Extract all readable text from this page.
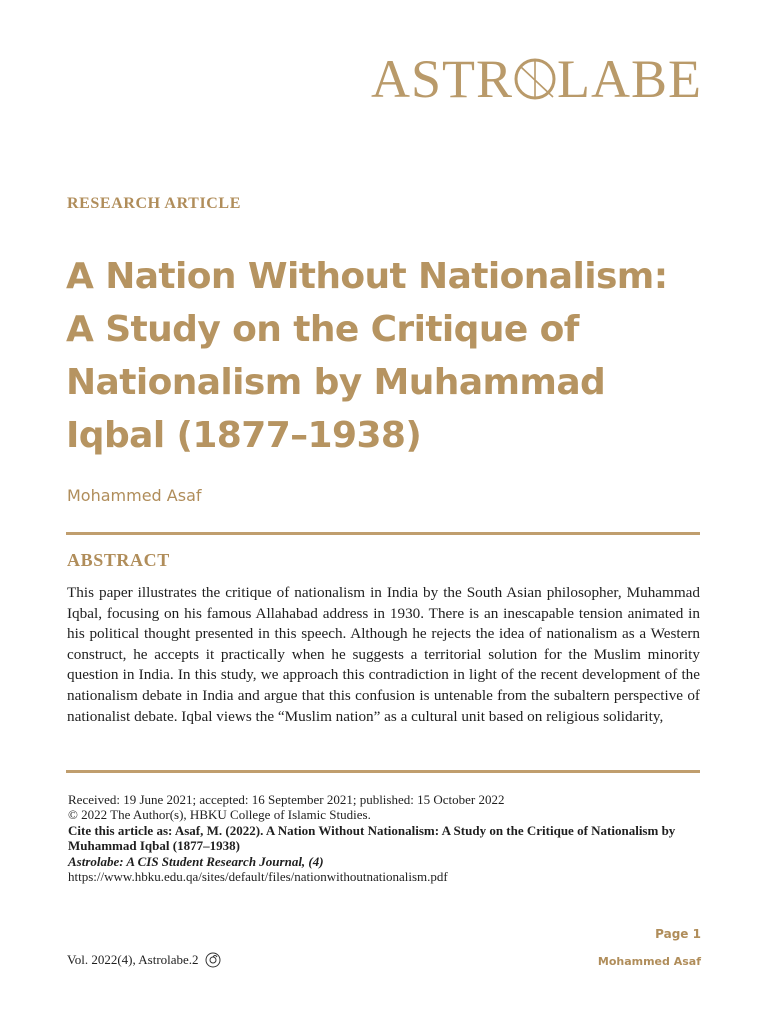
ASTR LABE
RESEARCH ARTICLE
A Nation Without Nationalism: A Study on the Critique of Nationalism by Muhammad Iqbal (1877–1938)
Mohammed Asaf
ABSTRACT

This paper illustrates the critique of nationalism in India by the South Asian philosopher, Muhammad Iqbal, focusing on his famous Allahabad address in 1930. There is an inescapable tension animated in his political thought presented in this speech. Although he rejects the idea of nationalism as a Western construct, he accepts it practically when he suggests a territorial solution for the Muslim minority question in India. In this study, we approach this contradiction in light of the recent development of the nationalism debate in India and argue that this confusion is untenable from the subaltern perspective of nationalist debate. Iqbal views the “Muslim nation” as a cultural unit based on religious solidarity,

Received: 19 June 2021; accepted: 16 September 2021; published: 15 October 2022
© 2022 The Author(s), HBKU College of Islamic Studies.
Cite this article as: Asaf, M. (2022). A Nation Without Nationalism: A Study on the Critique of Nationalism by Muhammad Iqbal (1877–1938)
Astrolabe: A CIS Student Research Journal, (4)
https://www.hbku.edu.qa/sites/default/files/nationwithoutnationalism.pdf
Vol. 2022(4), Astrolabe.2
Page 1
Mohammed Asaf
